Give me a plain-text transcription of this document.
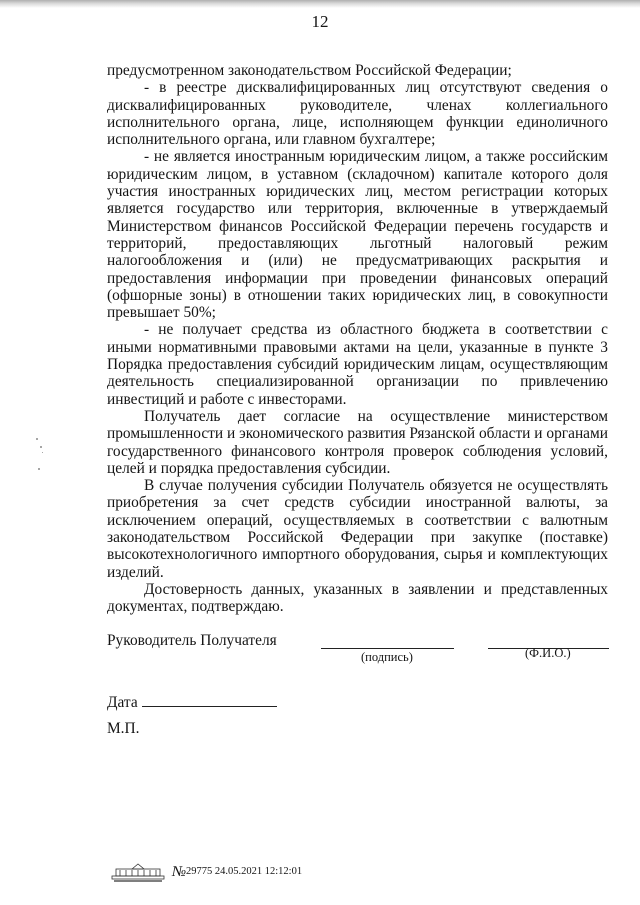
12

предусмотренном законодательством Российской Федерации;

- в реестре дисквалифицированных лиц отсутствуют сведения о дисквалифицированных руководителе, членах коллегиального исполнительного органа, лице, исполняющем функции единоличного исполнительного органа, или главном бухгалтере;

- не является иностранным юридическим лицом, а также российским юридическим лицом, в уставном (складочном) капитале которого доля участия иностранных юридических лиц, местом регистрации которых является государство или территория, включенные в утверждаемый Министерством финансов Российской Федерации перечень государств и территорий, предоставляющих льготный налоговый режим налогообложения и (или) не предусматривающих раскрытия и предоставления информации при проведении финансовых операций (офшорные зоны) в отношении таких юридических лиц, в совокупности превышает 50%;

- не получает средства из областного бюджета в соответствии с иными нормативными правовыми актами на цели, указанные в пункте 3 Порядка предоставления субсидий юридическим лицам, осуществляющим деятельность специализированной организации по привлечению инвестиций и работе с инвесторами.

Получатель дает согласие на осуществление министерством промышленности и экономического развития Рязанской области и органами государственного финансового контроля проверок соблюдения условий, целей и порядка предоставления субсидии.

В случае получения субсидии Получатель обязуется не осуществлять приобретения за счет средств субсидии иностранной валюты, за исключением операций, осуществляемых в соответствии с валютным законодательством Российской Федерации при закупке (поставке) высокотехнологичного импортного оборудования, сырья и комплектующих изделий.

Достоверность данных, указанных в заявлении и представленных документах, подтверждаю.

Руководитель Получателя
(подпись)	(Ф.И.О.)
Дата
М.П.
№ 29775 24.05.2021 12:12:01
